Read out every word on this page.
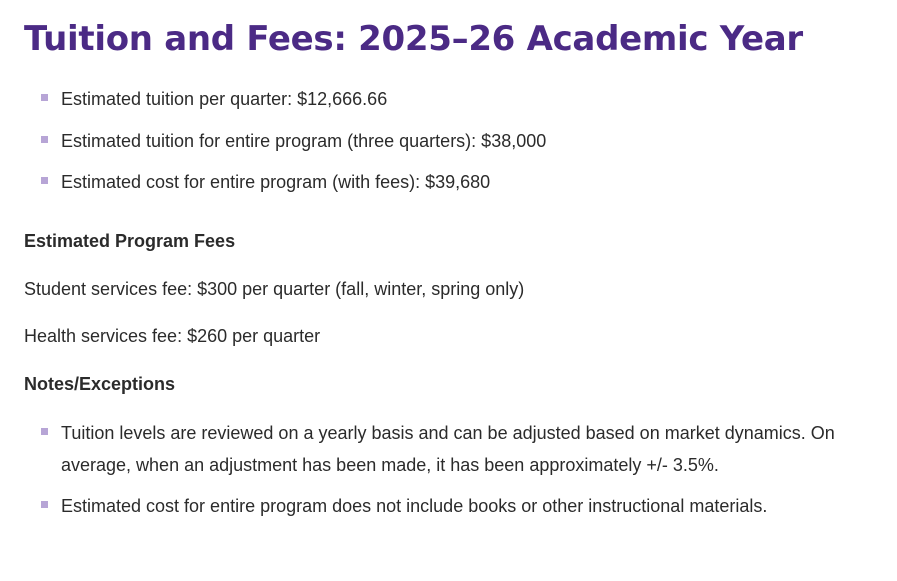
Tuition and Fees: 2025–26 Academic Year
Estimated tuition per quarter: $12,666.66
Estimated tuition for entire program (three quarters): $38,000
Estimated cost for entire program (with fees): $39,680

Estimated Program Fees

Student services fee: $300 per quarter (fall, winter, spring only)

Health services fee: $260 per quarter

Notes/Exceptions

Tuition levels are reviewed on a yearly basis and can be adjusted based on market dynamics. On average, when an adjustment has been made, it has been approximately +/- 3.5%.
Estimated cost for entire program does not include books or other instructional materials.
